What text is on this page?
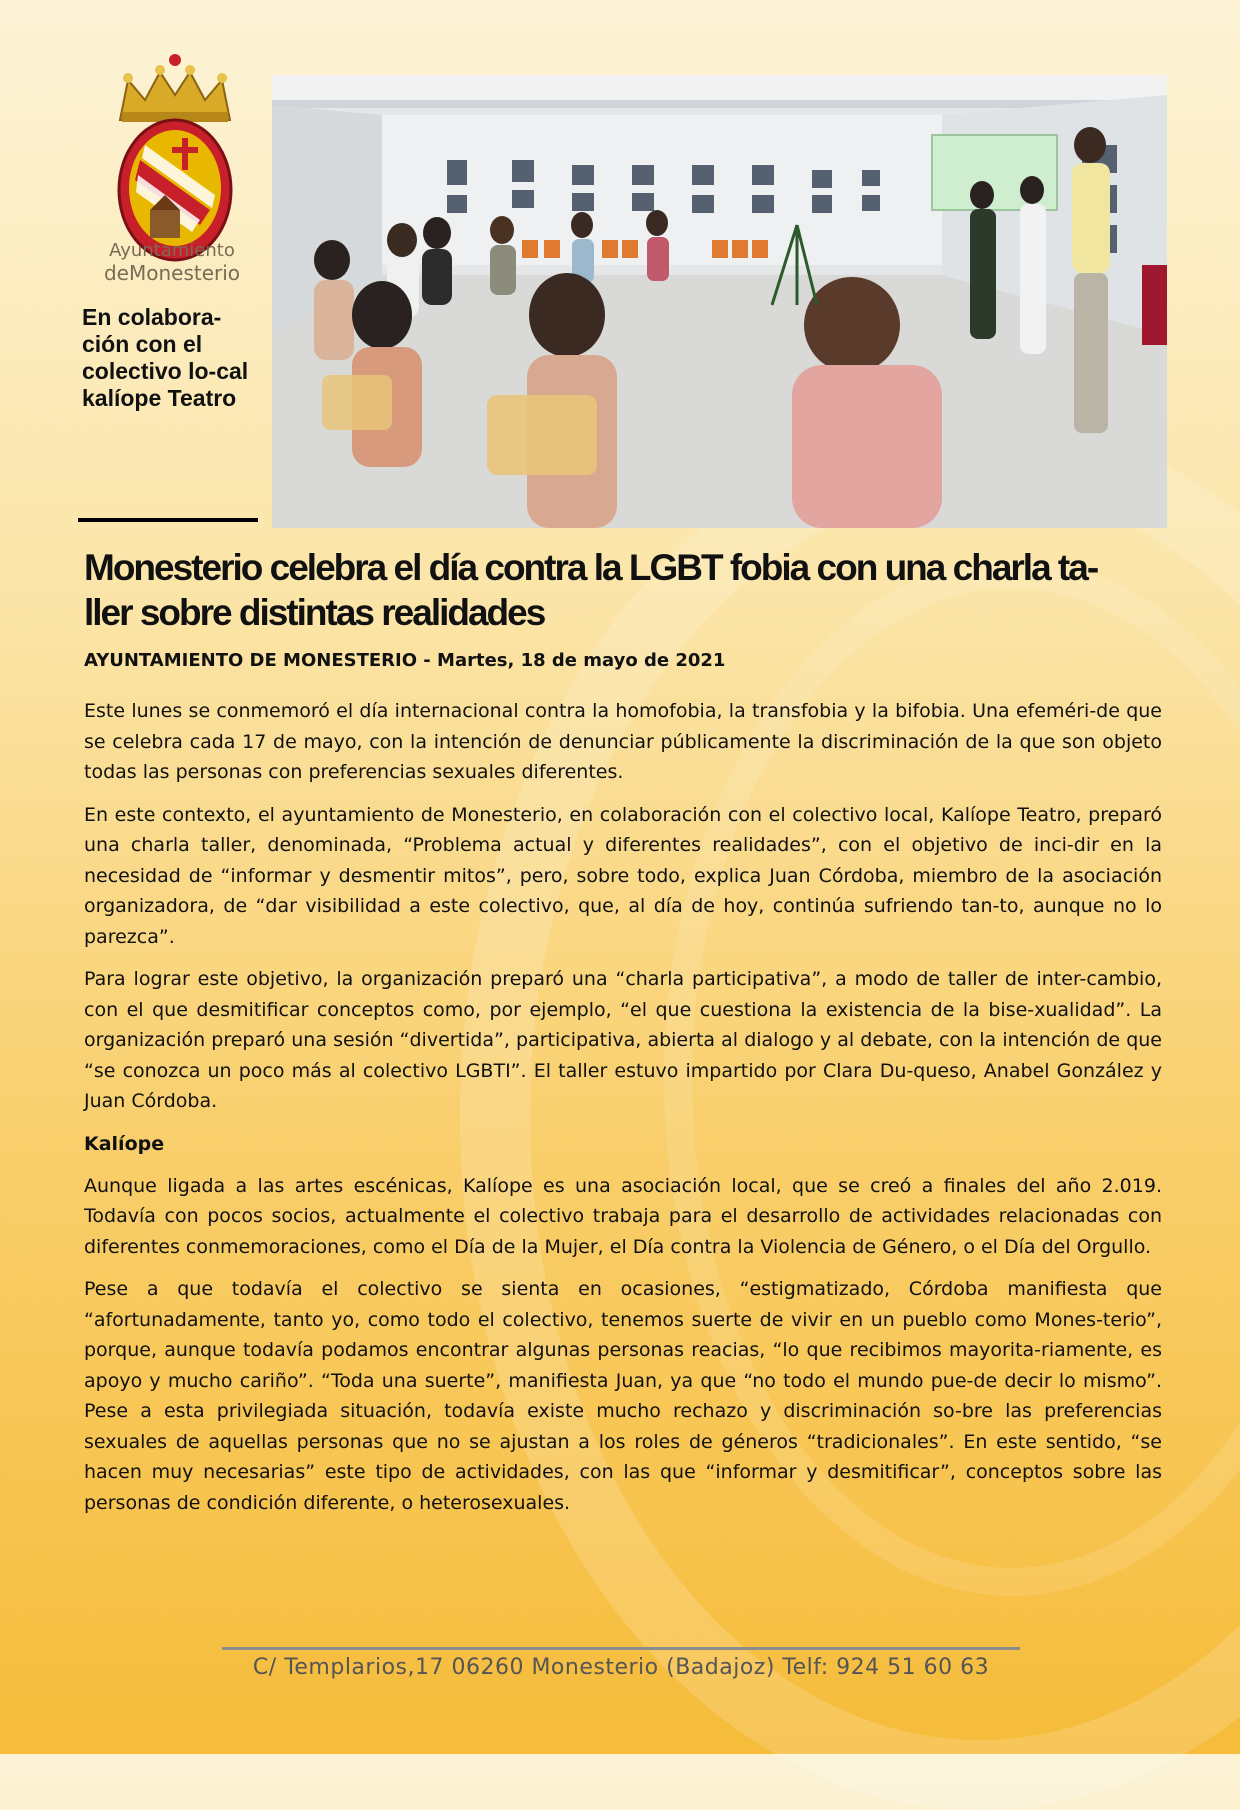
Ayuntamiento
deMonesterio
En colabora-ción con el colectivo lo-cal kalíope Teatro
Monesterio celebra el día contra la LGBT fobia con una charla ta-ller sobre distintas realidades

AYUNTAMIENTO DE MONESTERIO - Martes, 18 de mayo de 2021

Este lunes se conmemoró el día internacional contra la homofobia, la transfobia y la bifobia. Una efeméri-de que se celebra cada 17 de mayo, con la intención de denunciar públicamente la discriminación de la que son objeto todas las personas con preferencias sexuales diferentes.

En este contexto, el ayuntamiento de Monesterio, en colaboración con el colectivo local, Kalíope Teatro, preparó una charla taller, denominada, “Problema actual y diferentes realidades”, con el objetivo de inci-dir en la necesidad de “informar y desmentir mitos”, pero, sobre todo, explica Juan Córdoba, miembro de la asociación organizadora, de “dar visibilidad a este colectivo, que, al día de hoy, continúa sufriendo tan-to, aunque no lo parezca”.

Para lograr este objetivo, la organización preparó una “charla participativa”, a modo de taller de inter-cambio, con el que desmitificar conceptos como, por ejemplo, “el que cuestiona la existencia de la bise-xualidad”. La organización preparó una sesión “divertida”, participativa, abierta al dialogo y al debate, con la intención de que “se conozca un poco más al colectivo LGBTI”. El taller estuvo impartido por Clara Du-queso, Anabel González y Juan Córdoba.

Kalíope

Aunque ligada a las artes escénicas, Kalíope es una asociación local, que se creó a finales del año 2.019. Todavía con pocos socios, actualmente el colectivo trabaja para el desarrollo de actividades relacionadas con diferentes conmemoraciones, como el Día de la Mujer, el Día contra la Violencia de Género, o el Día del Orgullo.

Pese a que todavía el colectivo se sienta en ocasiones, “estigmatizado, Córdoba manifiesta que “afortunadamente, tanto yo, como todo el colectivo, tenemos suerte de vivir en un pueblo como Mones-terio”, porque, aunque todavía podamos encontrar algunas personas reacias, “lo que recibimos mayorita-riamente, es apoyo y mucho cariño”. “Toda una suerte”, manifiesta Juan, ya que “no todo el mundo pue-de decir lo mismo”. Pese a esta privilegiada situación, todavía existe mucho rechazo y discriminación so-bre las preferencias sexuales de aquellas personas que no se ajustan a los roles de géneros “tradicionales”. En este sentido, “se hacen muy necesarias” este tipo de actividades, con las que “informar y desmitificar”, conceptos sobre las personas de condición diferente, o heterosexuales.

C/ Templarios,17 06260 Monesterio (Badajoz) Telf: 924 51 60 63
